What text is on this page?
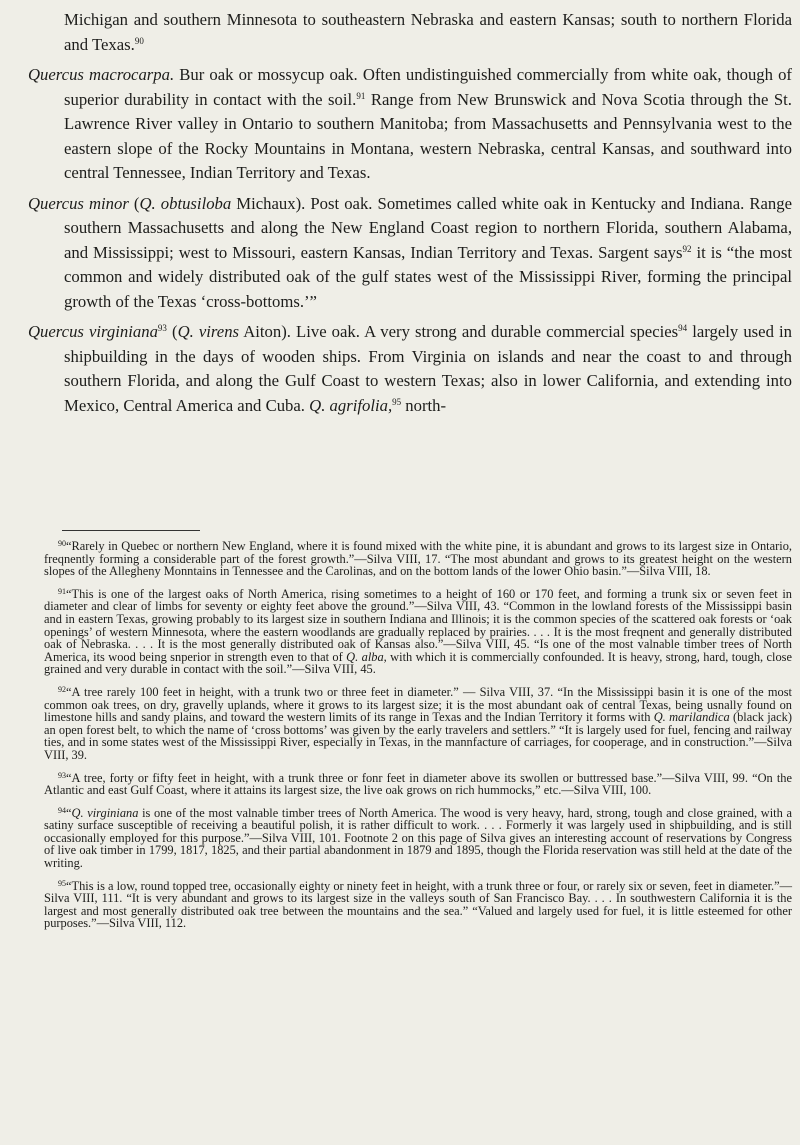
Michigan and southern Minnesota to southeastern Nebraska and eastern Kansas; south to northern Florida and Texas.$^{90}$

Quercus macrocarpa. Bur oak or mossycup oak. Often undistinguished commercially from white oak, though of superior durability in contact with the soil.$^{91}$ Range from New Brunswick and Nova Scotia through the St. Lawrence River valley in Ontario to southern Manitoba; from Massachusetts and Pennsylvania west to the eastern slope of the Rocky Mountains in Montana, western Nebraska, central Kansas, and southward into central Tennessee, Indian Territory and Texas.

Quercus minor (Q. obtusiloba Michaux). Post oak. Sometimes called white oak in Kentucky and Indiana. Range southern Massachusetts and along the New England Coast region to northern Florida, southern Alabama, and Mississippi; west to Missouri, eastern Kansas, Indian Territory and Texas. Sargent says$^{92}$ it is “the most common and widely distributed oak of the gulf states west of the Mississippi River, forming the principal growth of the Texas ‘cross-bottoms.’”

Quercus virginiana$^{93}$ (Q. virens Aiton). Live oak. A very strong and durable commercial species$^{94}$ largely used in shipbuilding in the days of wooden ships. From Virginia on islands and near the coast to and through southern Florida, and along the Gulf Coast to western Texas; also in lower California, and extending into Mexico, Central America and Cuba. Q. agrifolia,$^{95}$ north-

$^{90}$“Rarely in Quebec or northern New England, where it is found mixed with the white pine, it is abundant and grows to its largest size in Ontario, freqnently forming a considerable part of the forest growth.”—Silva VIII, 17. “The most abundant and grows to its greatest height on the western slopes of the Allegheny Monntains in Tennessee and the Carolinas, and on the bottom lands of the lower Ohio basin.”—Silva VIII, 18.

$^{91}$“This is one of the largest oaks of North America, rising sometimes to a height of 160 or 170 feet, and forming a trunk six or seven feet in diameter and clear of limbs for seventy or eighty feet above the ground.”—Silva VIII, 43. “Common in the lowland forests of the Mississippi basin and in eastern Texas, growing probably to its largest size in southern Indiana and Illinois; it is the common species of the scattered oak forests or ‘oak openings’ of western Minnesota, where the eastern woodlands are gradually replaced by prairies. . . . It is the most freqnent and generally distributed oak of Nebraska. . . . It is the most generally distributed oak of Kansas also.”—Silva VIII, 45. “Is one of the most valnable timber trees of North America, its wood being snperior in strength even to that of Q. alba, with which it is commercially confounded. It is heavy, strong, hard, tough, close grained and very durable in contact with the soil.”—Silva VIII, 45.

$^{92}$“A tree rarely 100 feet in height, with a trunk two or three feet in diameter.” — Silva VIII, 37. “In the Mississippi basin it is one of the most common oak trees, on dry, gravelly uplands, where it grows to its largest size; it is the most abundant oak of central Texas, being usnally found on limestone hills and sandy plains, and toward the western limits of its range in Texas and the Indian Territory it forms with Q. marilandica (black jack) an open forest belt, to which the name of ‘cross bottoms’ was given by the early travelers and settlers.” “It is largely used for fuel, fencing and railway ties, and in some states west of the Mississippi River, especially in Texas, in the mannfacture of carriages, for cooperage, and in construction.”—Silva VIII, 39.

$^{93}$“A tree, forty or fifty feet in height, with a trunk three or fonr feet in diameter above its swollen or buttressed base.”—Silva VIII, 99. “On the Atlantic and east Gulf Coast, where it attains its largest size, the live oak grows on rich hummocks,” etc.—Silva VIII, 100.

$^{94}$“Q. virginiana is one of the most valnable timber trees of North America. The wood is very heavy, hard, strong, tough and close grained, with a satiny surface susceptible of receiving a beautiful polish, it is rather difficult to work. . . . Formerly it was largely used in shipbuilding, and is still occasionally employed for this purpose.”—Silva VIII, 101. Footnote 2 on this page of Silva gives an interesting account of reservations by Congress of live oak timber in 1799, 1817, 1825, and their partial abandonment in 1879 and 1895, though the Florida reservation was still held at the date of the writing.

$^{95}$“This is a low, round topped tree, occasionally eighty or ninety feet in height, with a trunk three or four, or rarely six or seven, feet in diameter.”—Silva VIII, 111. “It is very abundant and grows to its largest size in the valleys south of San Francisco Bay. . . . In southwestern California it is the largest and most generally distributed oak tree between the mountains and the sea.” “Valued and largely used for fuel, it is little esteemed for other purposes.”—Silva VIII, 112.
